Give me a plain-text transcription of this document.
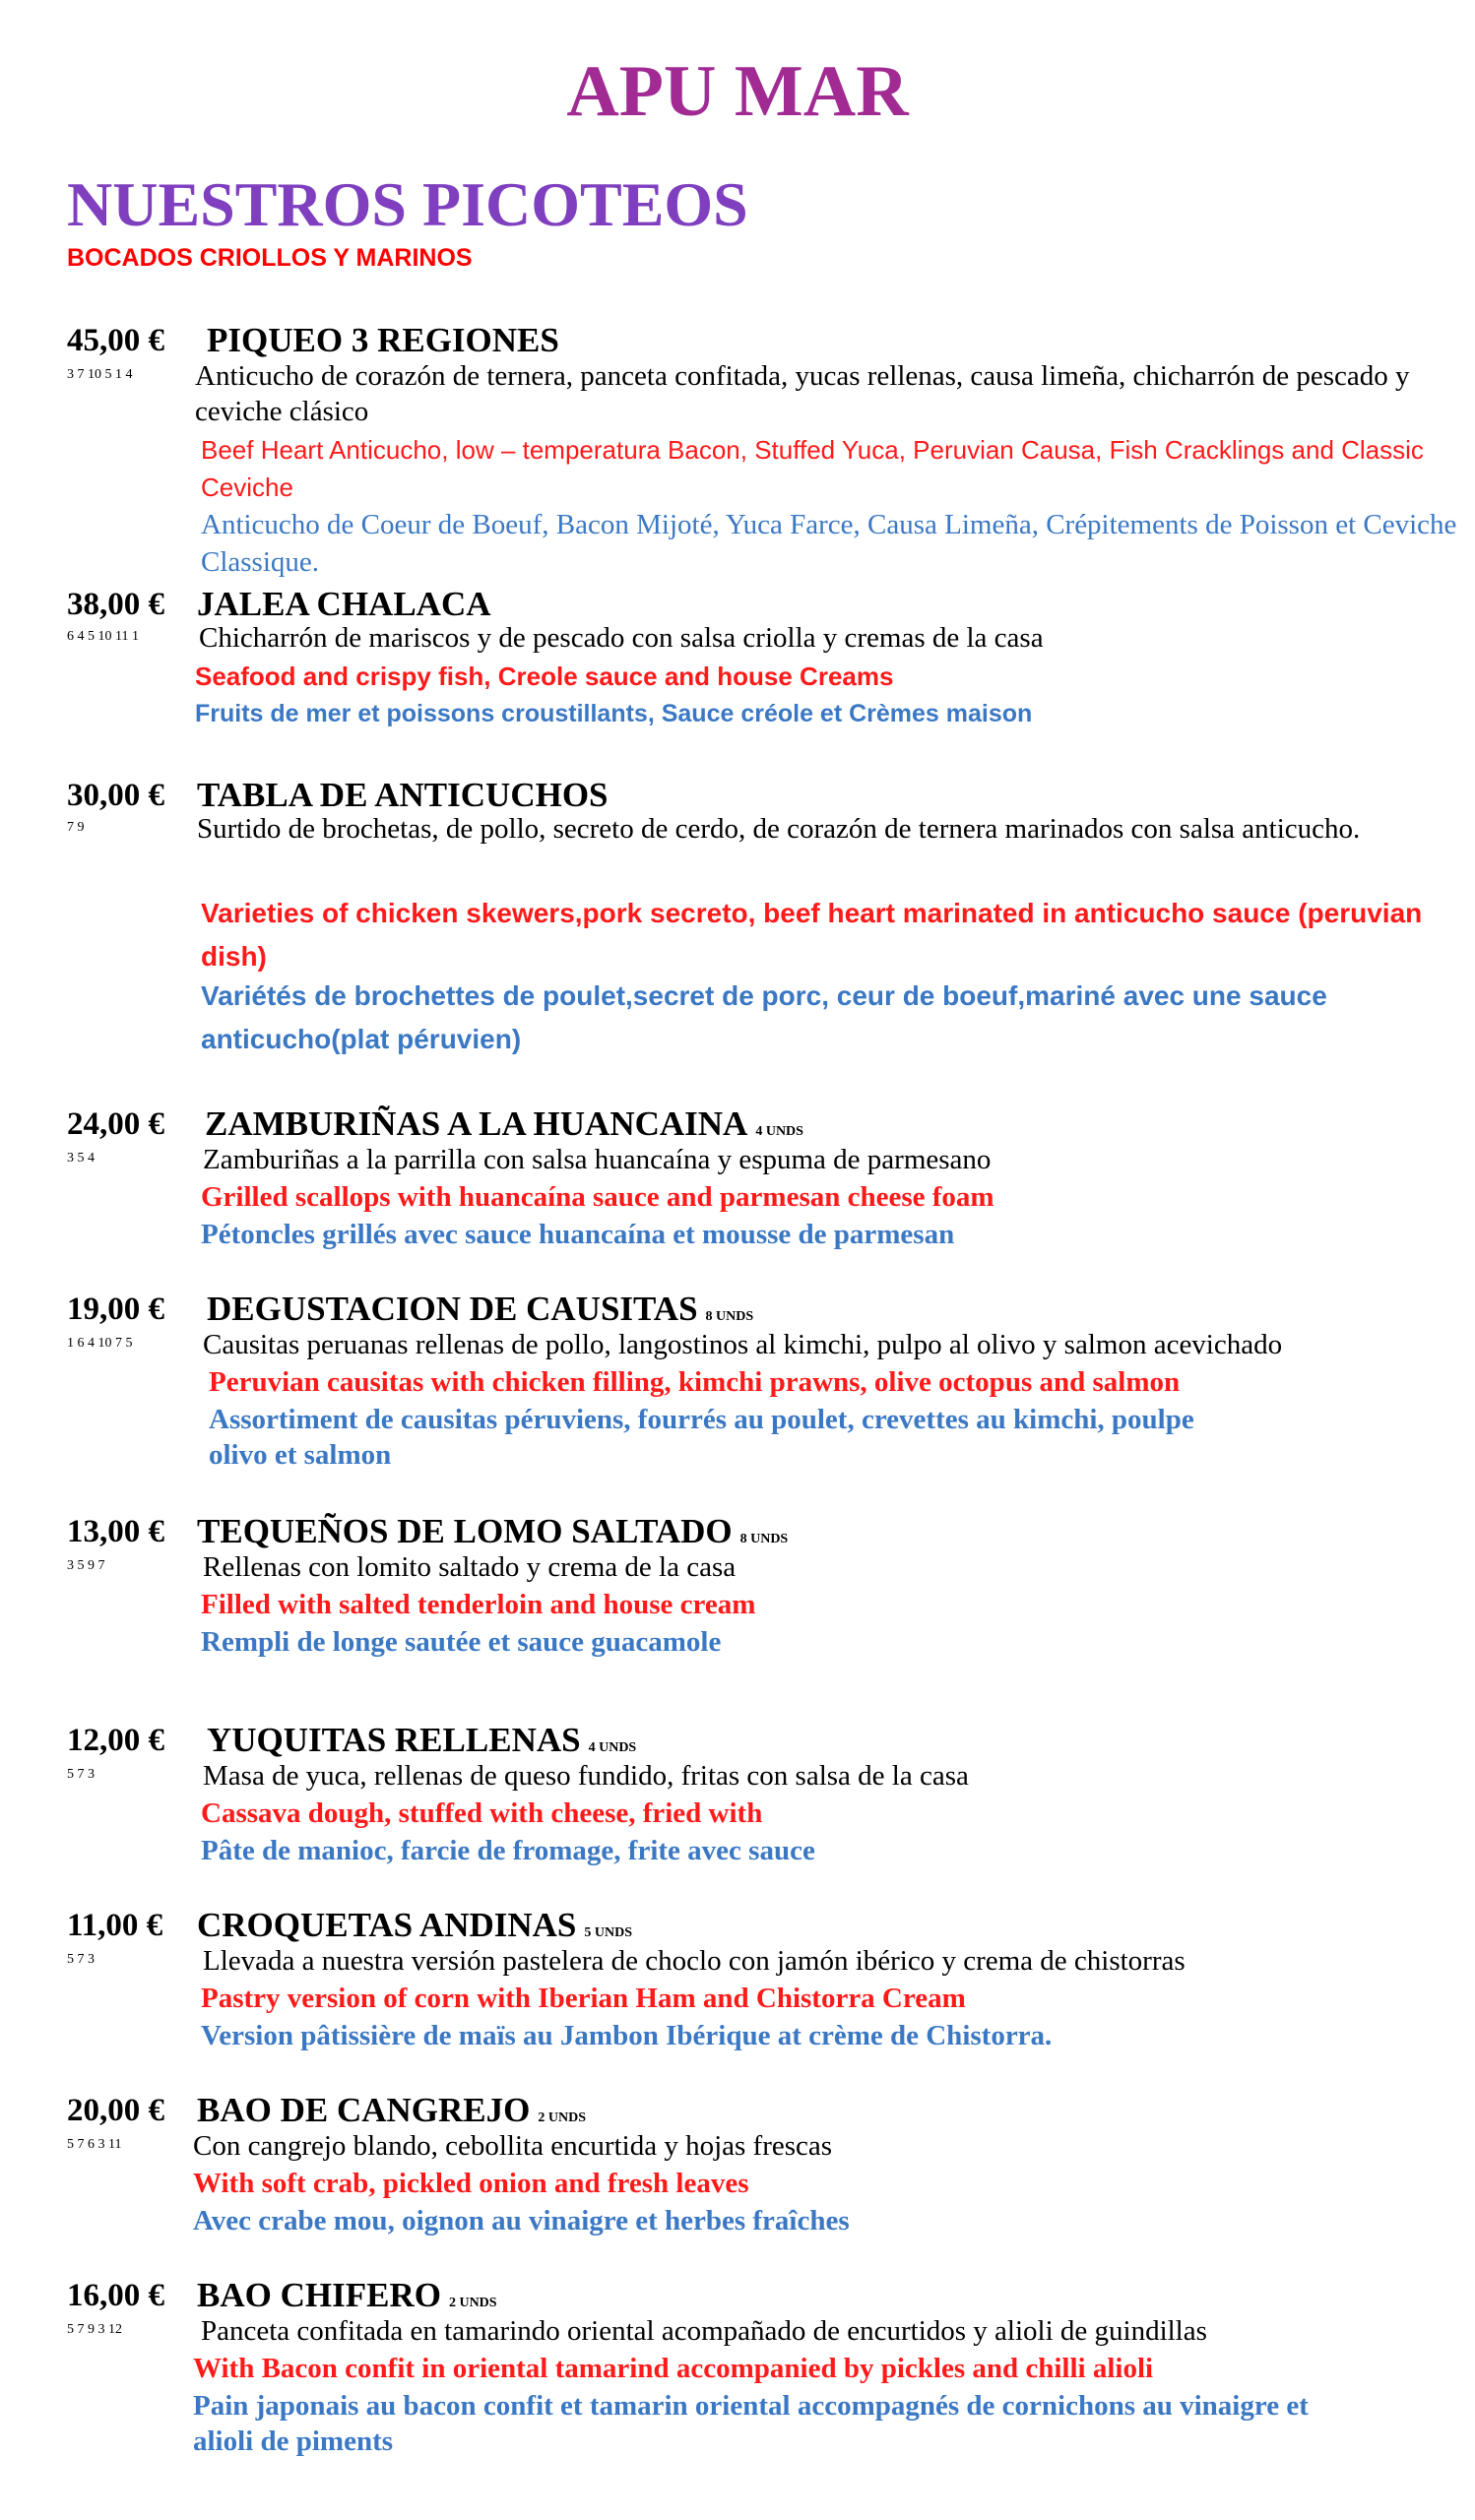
APU MAR
NUESTROS PICOTEOS
BOCADOS CRIOLLOS Y MARINOS
45,00 € PIQUEO 3 REGIONES
3 7 10 5 1 4 Anticucho de corazón de ternera, panceta confitada, yucas rellenas, causa limeña, chicharrón de pescado y ceviche clásico
Beef Heart Anticucho, low – temperatura Bacon, Stuffed Yuca, Peruvian Causa, Fish Cracklings and Classic Ceviche
Anticucho de Coeur de Boeuf, Bacon Mijoté, Yuca Farce, Causa Limeña, Crépitements de Poisson et Ceviche Classique.
38,00 € JALEA CHALACA
6 4 5 10 11 1 Chicharrón de mariscos y de pescado con salsa criolla y cremas de la casa
Seafood and crispy fish, Creole sauce and house Creams
Fruits de mer et poissons croustillants, Sauce créole et Crèmes maison
30,00 € TABLA DE ANTICUCHOS
7 9	Surtido de brochetas, de pollo, secreto de cerdo, de corazón de ternera marinados con salsa anticucho.
Varieties of chicken skewers,pork secreto, beef heart marinated in anticucho sauce (peruvian dish)
Variétés de brochettes de poulet,secret de porc, ceur de boeuf,mariné avec une sauce anticucho(plat péruvien)
24,00 € ZAMBURIÑAS A LA HUANCAINA 4 UNDS
3 5 4	Zamburiñas a la parrilla con salsa huancaína y espuma de parmesano
Grilled scallops with huancaína sauce and parmesan cheese foam
Pétoncles grillés avec sauce huancaína et mousse de parmesan
19,00 € DEGUSTACION DE CAUSITAS 8 UNDS
1 6 4 10 7 5 Causitas peruanas rellenas de pollo, langostinos al kimchi, pulpo al olivo y salmon acevichado
Peruvian causitas with chicken filling, kimchi prawns, olive octopus and salmon
Assortiment de causitas péruviens, fourrés au poulet, crevettes au kimchi, poulpe olivo et salmon
13,00 € TEQUEÑOS DE LOMO SALTADO 8 UNDS
3 5 9 7	Rellenas con lomito saltado y crema de la casa
Filled with salted tenderloin and house cream
Rempli de longe sautée et sauce guacamole
12,00 € YUQUITAS RELLENAS 4 UNDS
5 7 3	Masa de yuca, rellenas de queso fundido, fritas con salsa de la casa
Cassava dough, stuffed with cheese, fried with
Pâte de manioc, farcie de fromage, frite avec sauce
11,00 € CROQUETAS ANDINAS 5 UNDS
5 7 3	Llevada a nuestra versión pastelera de choclo con jamón ibérico y crema de chistorras
Pastry version of corn with Iberian Ham and Chistorra Cream
Version pâtissière de maïs au Jambon Ibérique at crème de Chistorra.
20,00 € BAO DE CANGREJO 2 UNDS
5 7 6 3 11	Con cangrejo blando, cebollita encurtida y hojas frescas
With soft crab, pickled onion and fresh leaves
Avec crabe mou, oignon au vinaigre et herbes fraîches
16,00 € BAO CHIFERO 2 UNDS
5 7 9 3 12	Panceta confitada en tamarindo oriental acompañado de encurtidos y alioli de guindillas
With Bacon confit in oriental tamarind accompanied by pickles and chilli alioli
Pain japonais au bacon confit et tamarin oriental accompagnés de cornichons au vinaigre et alioli de piments
